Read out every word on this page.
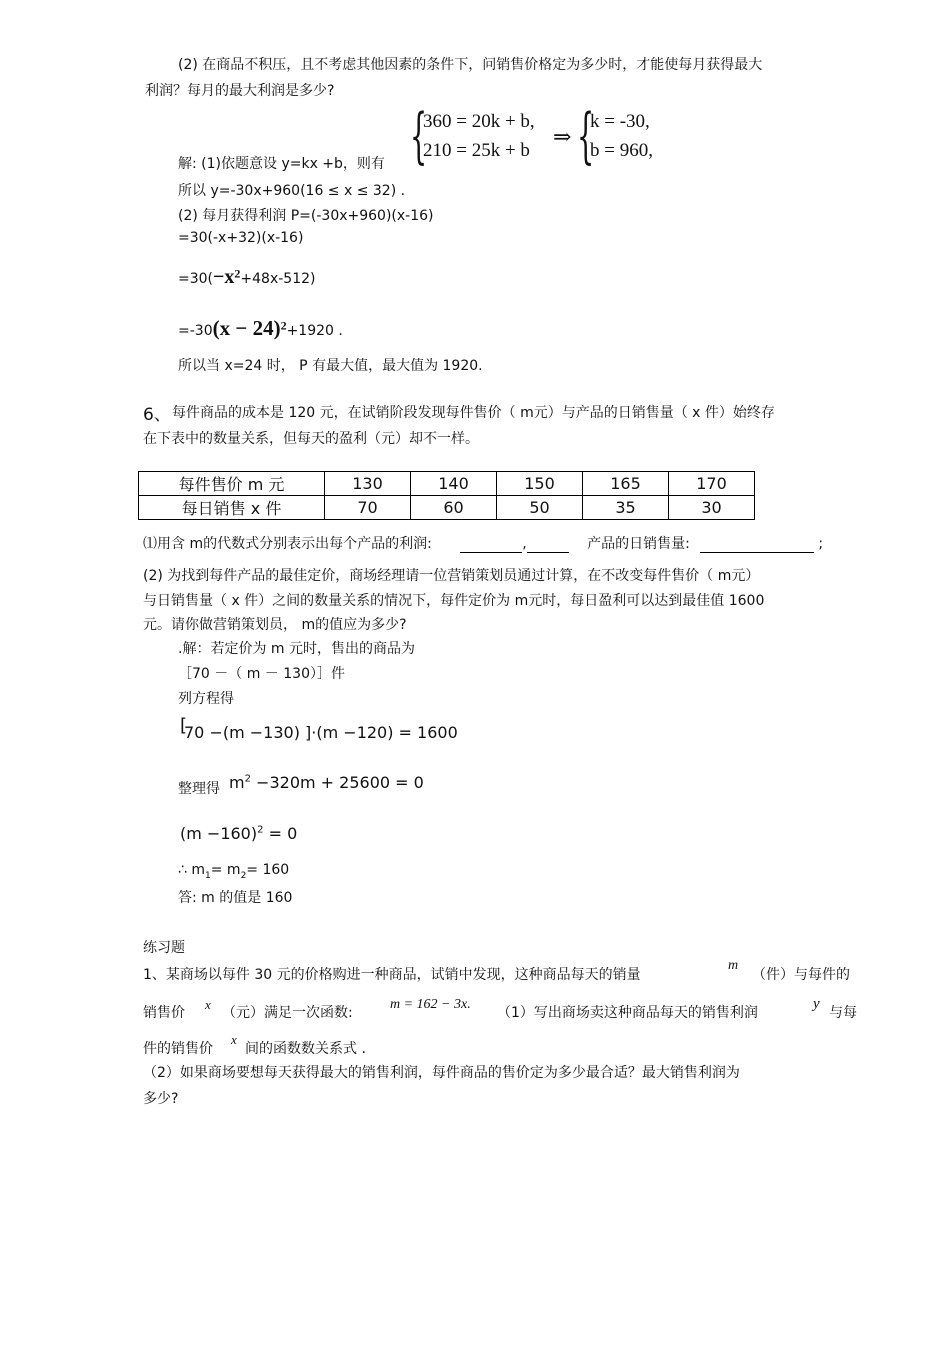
(2) 在商品不积压，且不考虑其他因素的条件下，问销售价格定为多少时，才能使每月获得最大
利润？每月的最大利润是多少?
{
360 = 20k + b,
210 = 25k + b
⇒ {
k = -30,
b = 960,
解: (1)依题意设 y=kx +b，则有
所以 y=-30x+960(16 ≤ x ≤ 32) .
(2) 每月获得利润 P=(-30x+960)(x-16)
=30(-x+32)(x-16)
$=30(-x^2+48x-512)$
$=-30(x - 24)^2+1920$ .
所以当 x=24 时， P 有最大值，最大值为 1920.
6、 每件商品的成本是 120 元，在试销阶段发现每件售价（ m元）与产品的日销售量（ x 件）始终存
在下表中的数量关系，但每天的盈利（元）却不一样。
每件售价 m 元	130	140	150	165	170
每日销售 x 件	70	60	50	35	30
⑴用含 m的代数式分别表示出每个产品的利润:	,	产品的日销售量:	;
(2) 为找到每件产品的最佳定价，商场经理请一位营销策划员通过计算，在不改变每件售价（ m元）
与日销售量（ x 件）之间的数量关系的情况下，每件定价为 m元时，每日盈利可以达到最佳值 1600
元。请你做营销策划员， m的值应为多少?
.解：若定价为 m 元时，售出的商品为
［70 －（ m － 130）］件
列方程得
[
70 −(m −130) ]·(m −120) = 1600
整理得 $m^2 -320m + 25600 = 0$
$(m -160)^2 = 0$
∴ $m_1= m_2= 160$
答: m 的值是 160
练习题
1、某商场以每件 30 元的价格购进一种商品，试销中发现，这种商品每天的销量
m
（件）与每件的
销售价
x
（元）满足一次函数:
m = 162 − 3x.
（1）写出商场卖这种商品每天的销售利润
y
与每
件的销售价
x
间的函数数关系式 .
（2）如果商场要想每天获得最大的销售利润，每件商品的售价定为多少最合适？最大销售利润为
多少?
